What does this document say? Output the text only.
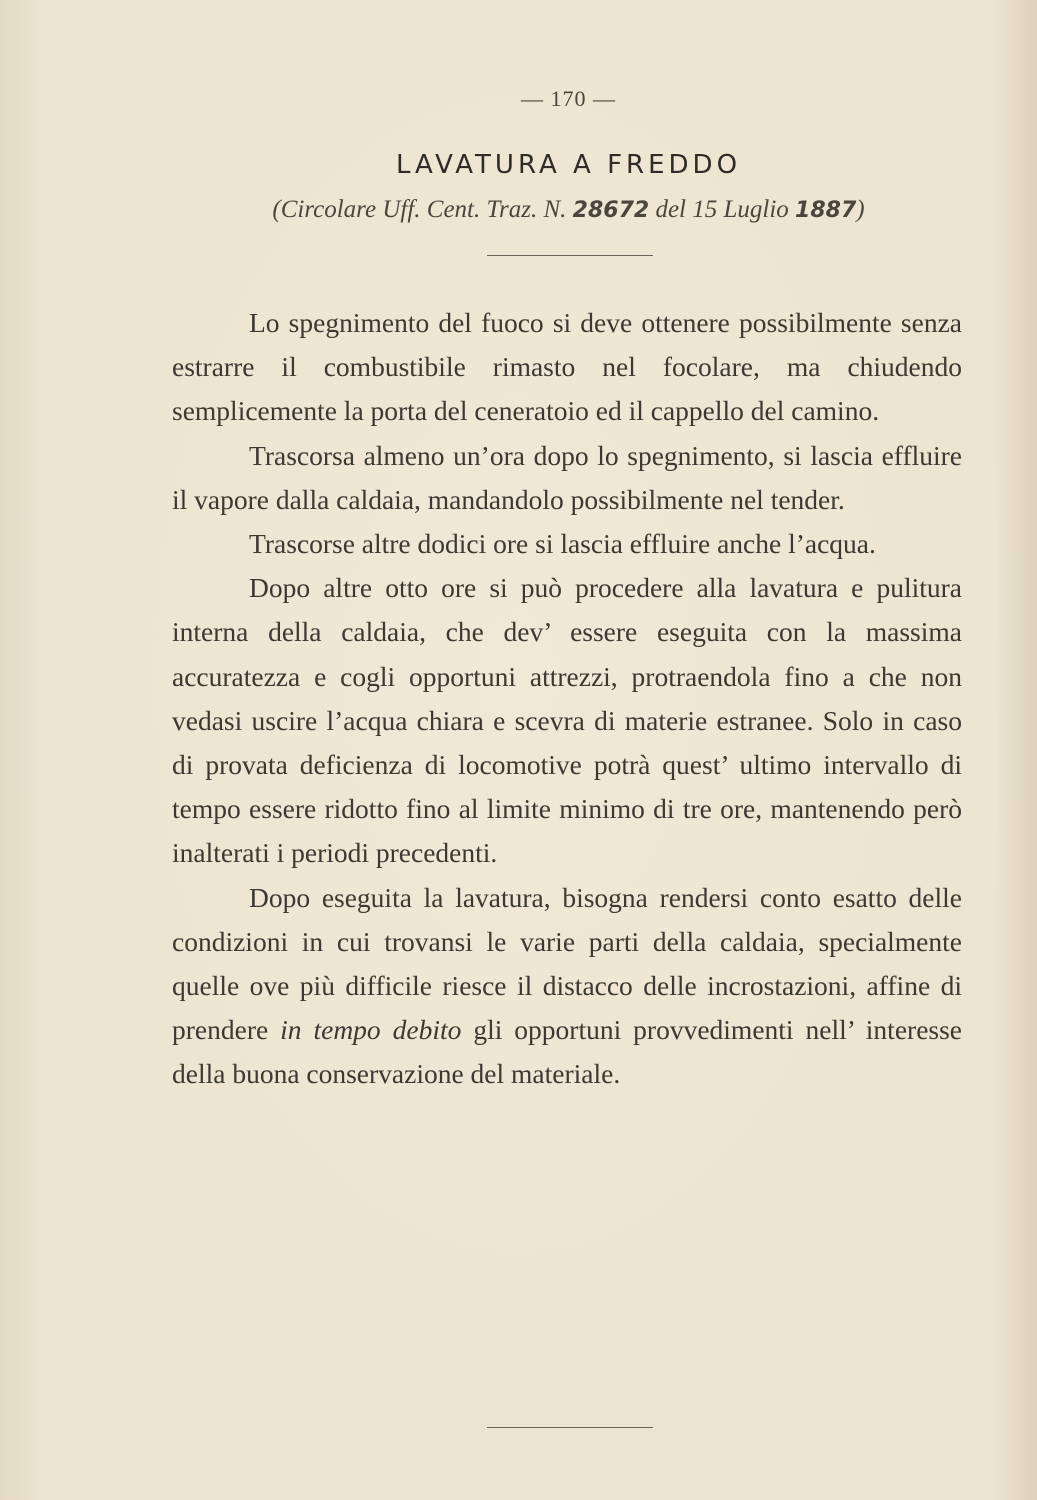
— 170 —
LAVATURA A FREDDO
(Circolare Uff. Cent. Traz. N. 28672 del 15 Luglio 1887)

Lo spegnimento del fuoco si deve ottenere possibilmente senza estrarre il combustibile rimasto nel focolare, ma chiudendo semplicemente la porta del ceneratoio ed il cappello del camino.

Trascorsa almeno un’ora dopo lo spegnimento, si lascia effluire il vapore dalla caldaia, mandandolo possibilmente nel tender.

Trascorse altre dodici ore si lascia effluire anche l’acqua.

Dopo altre otto ore si può procedere alla lavatura e pulitura interna della caldaia, che dev’ essere eseguita con la massima accuratezza e cogli opportuni attrezzi, protraendola fino a che non vedasi uscire l’acqua chiara e scevra di materie estranee. Solo in caso di provata deficienza di locomotive potrà quest’ ultimo intervallo di tempo essere ridotto fino al limite minimo di tre ore, mantenendo però inalterati i periodi precedenti.

Dopo eseguita la lavatura, bisogna rendersi conto esatto delle condizioni in cui trovansi le varie parti della caldaia, specialmente quelle ove più difficile riesce il distacco delle incrostazioni, affine di prendere in tempo debito gli opportuni provvedimenti nell’ interesse della buona conservazione del materiale.
